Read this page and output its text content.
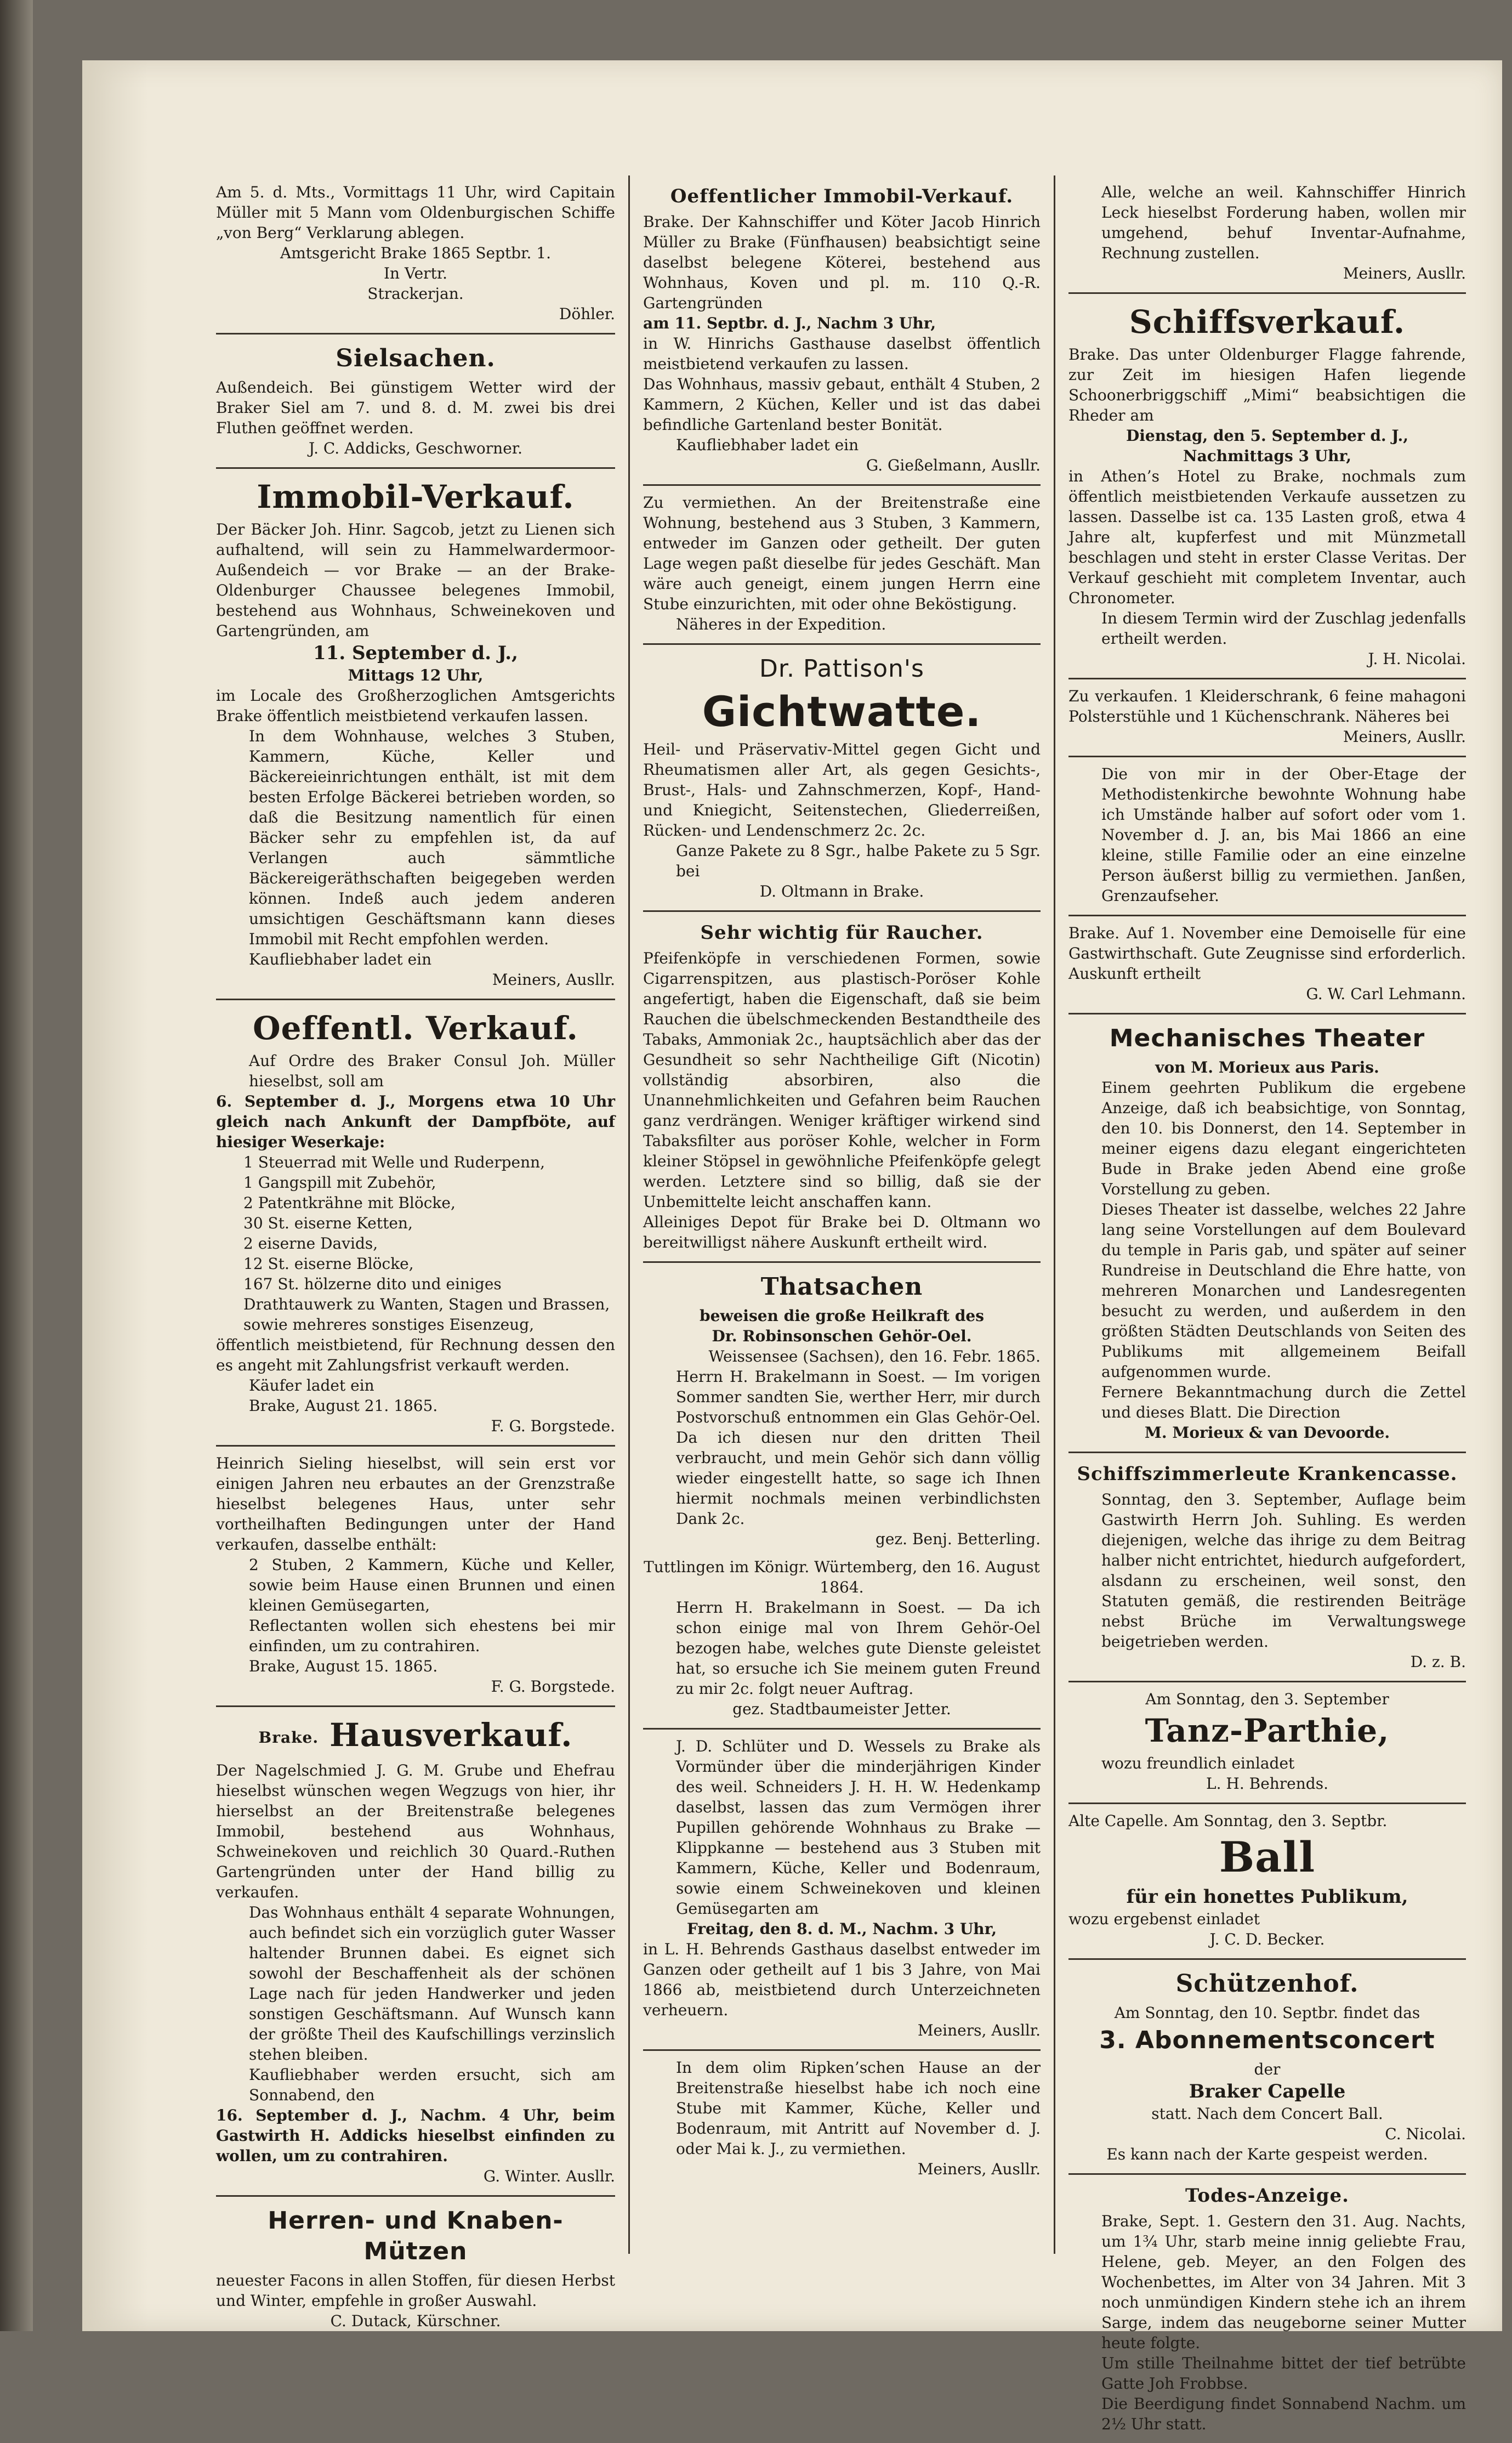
Am 5. d. Mts., Vormittags 11 Uhr, wird Capitain Müller mit 5 Mann vom Oldenburgischen Schiffe „von Berg“ Verklarung ablegen.

Amtsgericht Brake 1865 Septbr. 1.

In Vertr.

Strackerjan.

Döhler.

Sielsachen.

Außendeich. Bei günstigem Wetter wird der Braker Siel am 7. und 8. d. M. zwei bis drei Fluthen geöffnet werden.

J. C. Addicks, Geschworner.

Immobil-Verkauf.

Der Bäcker Joh. Hinr. Sagcob, jetzt zu Lienen sich aufhaltend, will sein zu Hammelwardermoor-Außendeich — vor Brake — an der Brake-Oldenburger Chaussee belegenes Immobil, bestehend aus Wohnhaus, Schweinekoven und Gartengründen, am

11. September d. J.,

Mittags 12 Uhr,

im Locale des Großherzoglichen Amtsgerichts Brake öffentlich meistbietend verkaufen lassen.

In dem Wohnhause, welches 3 Stuben, Kammern, Küche, Keller und Bäckereieinrichtungen enthält, ist mit dem besten Erfolge Bäckerei betrieben worden, so daß die Besitzung namentlich für einen Bäcker sehr zu empfehlen ist, da auf Verlangen auch sämmtliche Bäckereigeräthschaften beigegeben werden können. Indeß auch jedem anderen umsichtigen Geschäftsmann kann dieses Immobil mit Recht empfohlen werden.

Kaufliebhaber ladet ein

Meiners, Ausllr.

Oeffentl. Verkauf.

Auf Ordre des Braker Consul Joh. Müller hieselbst, soll am

6. September d. J., Morgens etwa 10 Uhr gleich nach Ankunft der Dampfböte, auf hiesiger Weserkaje:

1 Steuerrad mit Welle und Ruderpenn,

1 Gangspill mit Zubehör,

2 Patentkrähne mit Blöcke,

30 St. eiserne Ketten,

2 eiserne Davids,

12 St. eiserne Blöcke,

167 St. hölzerne dito und einiges Drathtauwerk zu Wanten, Stagen und Brassen, sowie mehreres sonstiges Eisenzeug,

öffentlich meistbietend, für Rechnung dessen den es angeht mit Zahlungsfrist verkauft werden.

Käufer ladet ein

Brake, August 21. 1865.

F. G. Borgstede.

Heinrich Sieling hieselbst, will sein erst vor einigen Jahren neu erbautes an der Grenzstraße hieselbst belegenes Haus, unter sehr vortheilhaften Bedingungen unter der Hand verkaufen, dasselbe enthält:

2 Stuben, 2 Kammern, Küche und Keller, sowie beim Hause einen Brunnen und einen kleinen Gemüsegarten,

Reflectanten wollen sich ehestens bei mir einfinden, um zu contrahiren.

Brake, August 15. 1865.

F. G. Borgstede.

Brake. Hausverkauf.

Der Nagelschmied J. G. M. Grube und Ehefrau hieselbst wünschen wegen Wegzugs von hier, ihr hierselbst an der Breitenstraße belegenes Immobil, bestehend aus Wohnhaus, Schweinekoven und reichlich 30 Quard.-Ruthen Gartengründen unter der Hand billig zu verkaufen.

Das Wohnhaus enthält 4 separate Wohnungen, auch befindet sich ein vorzüglich guter Wasser haltender Brunnen dabei. Es eignet sich sowohl der Beschaffenheit als der schönen Lage nach für jeden Handwerker und jeden sonstigen Geschäftsmann. Auf Wunsch kann der größte Theil des Kaufschillings verzinslich stehen bleiben.

Kaufliebhaber werden ersucht, sich am Sonnabend, den

16. September d. J., Nachm. 4 Uhr, beim Gastwirth H. Addicks hieselbst einfinden zu wollen, um zu contrahiren.

G. Winter. Ausllr.

Herren- und Knaben-Mützen

neuester Facons in allen Stoffen, für diesen Herbst und Winter, empfehle in großer Auswahl.

C. Dutack, Kürschner.

Oeffentlicher Immobil-Verkauf.

Brake. Der Kahnschiffer und Köter Jacob Hinrich Müller zu Brake (Fünfhausen) beabsichtigt seine daselbst belegene Köterei, bestehend aus Wohnhaus, Koven und pl. m. 110 Q.-R. Gartengründen

am 11. Septbr. d. J., Nachm 3 Uhr,

in W. Hinrichs Gasthause daselbst öffentlich meistbietend verkaufen zu lassen.

Das Wohnhaus, massiv gebaut, enthält 4 Stuben, 2 Kammern, 2 Küchen, Keller und ist das dabei befindliche Gartenland bester Bonität.

Kaufliebhaber ladet ein

G. Gießelmann, Ausllr.

Zu vermiethen. An der Breitenstraße eine Wohnung, bestehend aus 3 Stuben, 3 Kammern, entweder im Ganzen oder getheilt. Der guten Lage wegen paßt dieselbe für jedes Geschäft. Man wäre auch geneigt, einem jungen Herrn eine Stube einzurichten, mit oder ohne Beköstigung.

Näheres in der Expedition.

Dr. Pattison's
Gichtwatte.

Heil- und Präservativ-Mittel gegen Gicht und Rheumatismen aller Art, als gegen Gesichts-, Brust-, Hals- und Zahnschmerzen, Kopf-, Hand- und Kniegicht, Seitenstechen, Gliederreißen, Rücken- und Lendenschmerz 2c. 2c.

Ganze Pakete zu 8 Sgr., halbe Pakete zu 5 Sgr. bei

D. Oltmann in Brake.

Sehr wichtig für Raucher.

Pfeifenköpfe in verschiedenen Formen, sowie Cigarrenspitzen, aus plastisch-Poröser Kohle angefertigt, haben die Eigenschaft, daß sie beim Rauchen die übelschmeckenden Bestandtheile des Tabaks, Ammoniak 2c., hauptsächlich aber das der Gesundheit so sehr Nachtheilige Gift (Nicotin) vollständig absorbiren, also die Unannehmlichkeiten und Gefahren beim Rauchen ganz verdrängen. Weniger kräftiger wirkend sind Tabaksfilter aus poröser Kohle, welcher in Form kleiner Stöpsel in gewöhnliche Pfeifenköpfe gelegt werden. Letztere sind so billig, daß sie der Unbemittelte leicht anschaffen kann.

Alleiniges Depot für Brake bei D. Oltmann wo bereitwilligst nähere Auskunft ertheilt wird.

Thatsachen

beweisen die große Heilkraft des

Dr. Robinsonschen Gehör-Oel.

Weissensee (Sachsen), den 16. Febr. 1865.

Herrn H. Brakelmann in Soest. — Im vorigen Sommer sandten Sie, werther Herr, mir durch Postvorschuß entnommen ein Glas Gehör-Oel. Da ich diesen nur den dritten Theil verbraucht, und mein Gehör sich dann völlig wieder eingestellt hatte, so sage ich Ihnen hiermit nochmals meinen verbindlichsten Dank 2c.

gez. Benj. Betterling.

Tuttlingen im Königr. Würtemberg, den 16. August 1864.

Herrn H. Brakelmann in Soest. — Da ich schon einige mal von Ihrem Gehör-Oel bezogen habe, welches gute Dienste geleistet hat, so ersuche ich Sie meinem guten Freund zu mir 2c. folgt neuer Auftrag.

gez. Stadtbaumeister Jetter.

J. D. Schlüter und D. Wessels zu Brake als Vormünder über die minderjährigen Kinder des weil. Schneiders J. H. H. W. Hedenkamp daselbst, lassen das zum Vermögen ihrer Pupillen gehörende Wohnhaus zu Brake — Klippkanne — bestehend aus 3 Stuben mit Kammern, Küche, Keller und Bodenraum, sowie einem Schweinekoven und kleinen Gemüsegarten am

Freitag, den 8. d. M., Nachm. 3 Uhr,

in L. H. Behrends Gasthaus daselbst entweder im Ganzen oder getheilt auf 1 bis 3 Jahre, von Mai 1866 ab, meistbietend durch Unterzeichneten verheuern.

Meiners, Ausllr.

In dem olim Ripken’schen Hause an der Breitenstraße hieselbst habe ich noch eine Stube mit Kammer, Küche, Keller und Bodenraum, mit Antritt auf November d. J. oder Mai k. J., zu vermiethen.

Meiners, Ausllr.

Alle, welche an weil. Kahnschiffer Hinrich Leck hieselbst Forderung haben, wollen mir umgehend, behuf Inventar-Aufnahme, Rechnung zustellen.

Meiners, Ausllr.

Schiffsverkauf.

Brake. Das unter Oldenburger Flagge fahrende, zur Zeit im hiesigen Hafen liegende Schoonerbriggschiff „Mimi“ beabsichtigen die Rheder am

Dienstag, den 5. September d. J., Nachmittags 3 Uhr,

in Athen’s Hotel zu Brake, nochmals zum öffentlich meistbietenden Verkaufe aussetzen zu lassen. Dasselbe ist ca. 135 Lasten groß, etwa 4 Jahre alt, kupferfest und mit Münzmetall beschlagen und steht in erster Classe Veritas. Der Verkauf geschieht mit completem Inventar, auch Chronometer.

In diesem Termin wird der Zuschlag jedenfalls ertheilt werden.

J. H. Nicolai.

Zu verkaufen. 1 Kleiderschrank, 6 feine mahagoni Polsterstühle und 1 Küchenschrank. Näheres bei

Meiners, Ausllr.

Die von mir in der Ober-Etage der Methodistenkirche bewohnte Wohnung habe ich Umstände halber auf sofort oder vom 1. November d. J. an, bis Mai 1866 an eine kleine, stille Familie oder an eine einzelne Person äußerst billig zu vermiethen. Janßen, Grenzaufseher.

Brake. Auf 1. November eine Demoiselle für eine Gastwirthschaft. Gute Zeugnisse sind erforderlich. Auskunft ertheilt

G. W. Carl Lehmann.

Mechanisches Theater

von M. Morieux aus Paris.

Einem geehrten Publikum die ergebene Anzeige, daß ich beabsichtige, von Sonntag, den 10. bis Donnerst, den 14. September in meiner eigens dazu elegant eingerichteten Bude in Brake jeden Abend eine große Vorstellung zu geben.

Dieses Theater ist dasselbe, welches 22 Jahre lang seine Vorstellungen auf dem Boulevard du temple in Paris gab, und später auf seiner Rundreise in Deutschland die Ehre hatte, von mehreren Monarchen und Landesregenten besucht zu werden, und außerdem in den größten Städten Deutschlands von Seiten des Publikums mit allgemeinem Beifall aufgenommen wurde.

Fernere Bekanntmachung durch die Zettel und dieses Blatt. Die Direction

M. Morieux & van Devoorde.

Schiffszimmerleute Krankencasse.

Sonntag, den 3. September, Auflage beim Gastwirth Herrn Joh. Suhling. Es werden diejenigen, welche das ihrige zu dem Beitrag halber nicht entrichtet, hiedurch aufgefordert, alsdann zu erscheinen, weil sonst, den Statuten gemäß, die restirenden Beiträge nebst Brüche im Verwaltungswege beigetrieben werden.

D. z. B.

Am Sonntag, den 3. September

Tanz-Parthie,

wozu freundlich einladet

L. H. Behrends.

Alte Capelle. Am Sonntag, den 3. Septbr.

Ball

für ein honettes Publikum,

wozu ergebenst einladet

J. C. D. Becker.

Schützenhof.

Am Sonntag, den 10. Septbr. findet das

3. Abonnementsconcert

der

Braker Capelle

statt. Nach dem Concert Ball.

C. Nicolai.

Es kann nach der Karte gespeist werden.

Todes-Anzeige.

Brake, Sept. 1. Gestern den 31. Aug. Nachts, um 1¾ Uhr, starb meine innig geliebte Frau, Helene, geb. Meyer, an den Folgen des Wochenbettes, im Alter von 34 Jahren. Mit 3 noch unmündigen Kindern stehe ich an ihrem Sarge, indem das neugeborne seiner Mutter heute folgte.

Um stille Theilnahme bittet der tief betrübte Gatte Joh Frobbse.

Die Beerdigung findet Sonnabend Nachm. um 2½ Uhr statt.
